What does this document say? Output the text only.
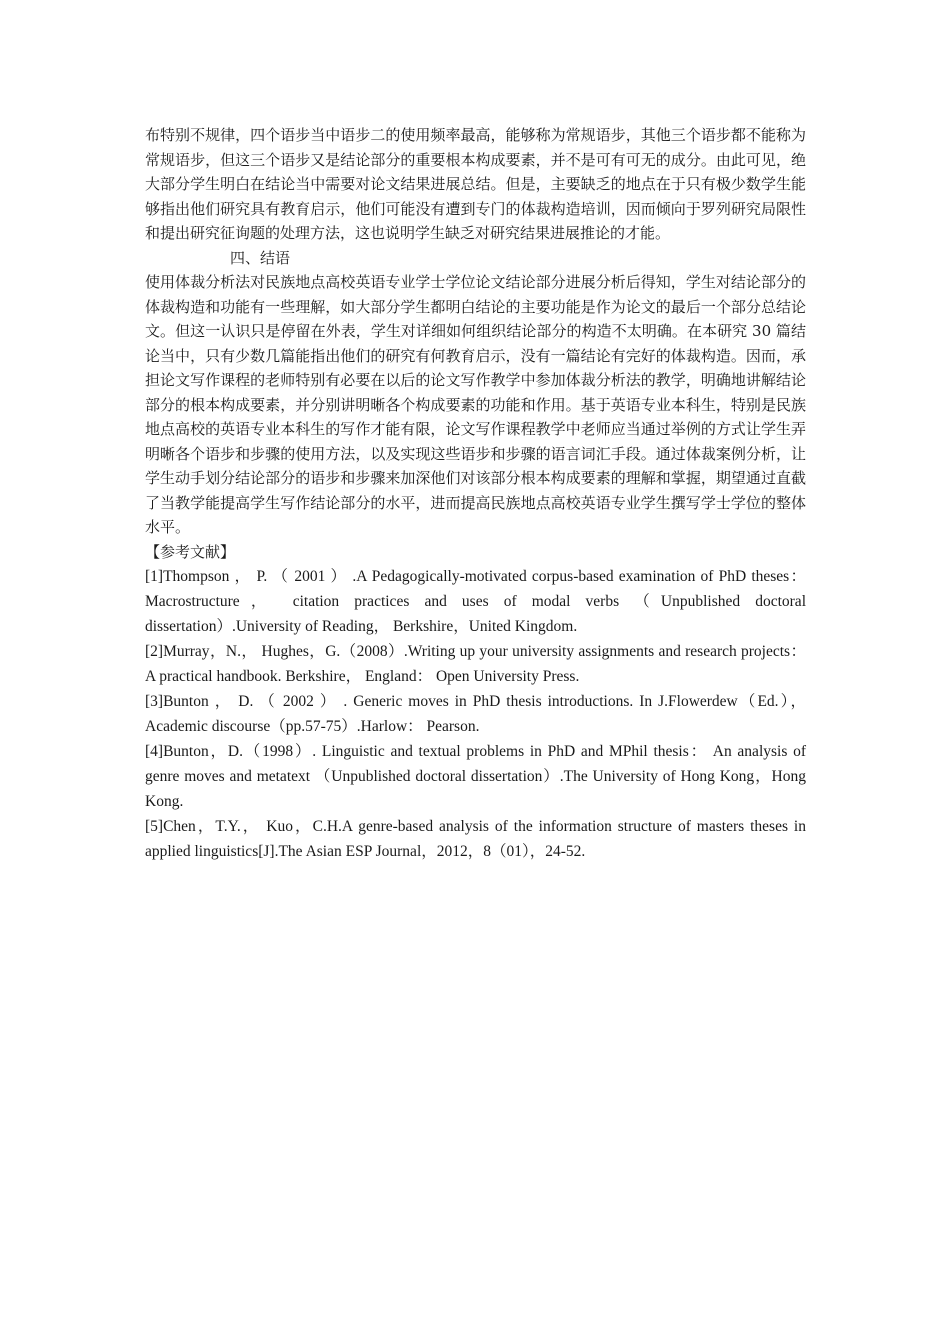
布特别不规律，四个语步当中语步二的使用频率最高，能够称为常规语步，其他三个语步都不能称为常规语步，但这三个语步又是结论部分的重要根本构成要素，并不是可有可无的成分。由此可见，绝大部分学生明白在结论当中需要对论文结果进展总结。但是，主要缺乏的地点在于只有极少数学生能够指出他们研究具有教育启示，他们可能没有遭到专门的体裁构造培训，因而倾向于罗列研究局限性和提出研究征询题的处理方法，这也说明学生缺乏对研究结果进展推论的才能。

四、结语

使用体裁分析法对民族地点高校英语专业学士学位论文结论部分进展分析后得知，学生对结论部分的体裁构造和功能有一些理解，如大部分学生都明白结论的主要功能是作为论文的最后一个部分总结论文。但这一认识只是停留在外表，学生对详细如何组织结论部分的构造不太明确。在本研究 30 篇结论当中，只有少数几篇能指出他们的研究有何教育启示，没有一篇结论有完好的体裁构造。因而，承担论文写作课程的老师特别有必要在以后的论文写作教学中参加体裁分析法的教学，明确地讲解结论部分的根本构成要素，并分别讲明晰各个构成要素的功能和作用。基于英语专业本科生，特别是民族地点高校的英语专业本科生的写作才能有限，论文写作课程教学中老师应当通过举例的方式让学生弄明晰各个语步和步骤的使用方法，以及实现这些语步和步骤的语言词汇手段。通过体裁案例分析，让学生动手划分结论部分的语步和步骤来加深他们对该部分根本构成要素的理解和掌握，期望通过直截了当教学能提高学生写作结论部分的水平，进而提高民族地点高校英语专业学生撰写学士学位的整体水平。

【参考文献】

[1]Thompson ， P. （ 2001 ） .A Pedagogically-motivated corpus-based examination of PhD theses： Macrostructure， citation practices and uses of modal verbs （Unpublished doctoral dissertation）.University of Reading， Berkshire，United Kingdom.

[2]Murray，N.， Hughes，G.（2008）.Writing up your university assignments and research projects： A practical handbook. Berkshire， England： Open University Press.

[3]Bunton ， D. （ 2002 ） . Generic moves in PhD thesis introductions. In J.Flowerdew（Ed.），Academic discourse（pp.57-75）.Harlow： Pearson.

[4]Bunton，D.（1998）. Linguistic and textual problems in PhD and MPhil thesis： An analysis of genre moves and metatext （Unpublished doctoral dissertation）.The University of Hong Kong，Hong Kong.

[5]Chen，T.Y.， Kuo，C.H.A genre-based analysis of the information structure of masters theses in applied linguistics[J].The Asian ESP Journal，2012，8（01），24-52.
